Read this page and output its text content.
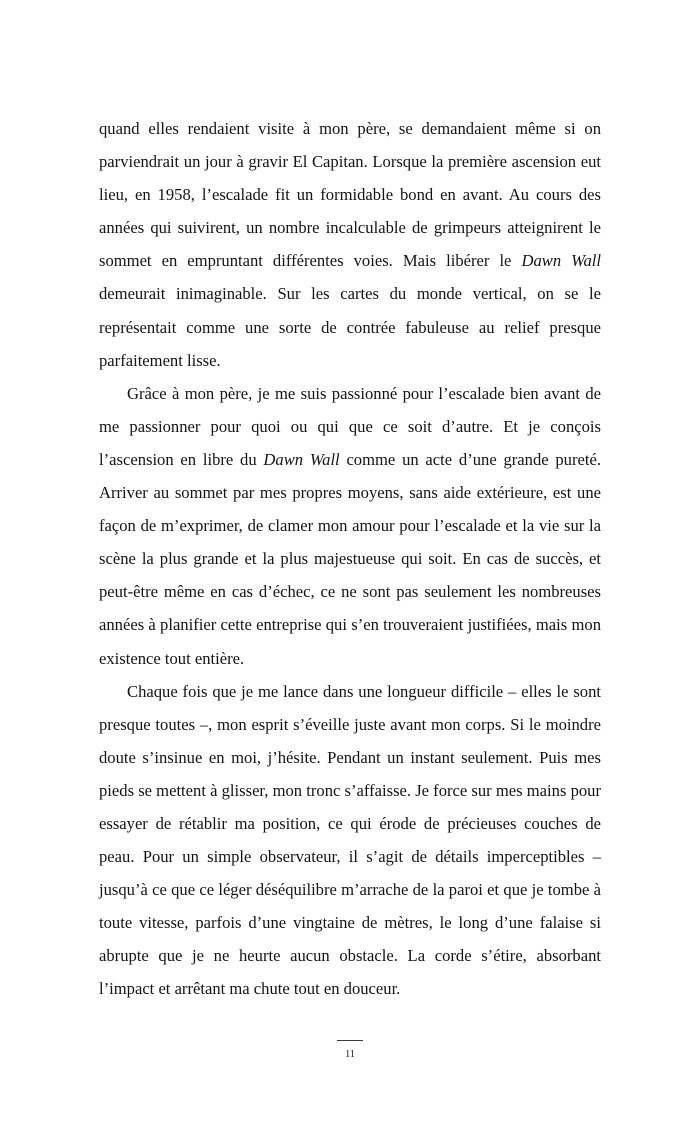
quand elles rendaient visite à mon père, se demandaient même si on parviendrait un jour à gravir El Capitan. Lorsque la première ascension eut lieu, en 1958, l’escalade fit un formidable bond en avant. Au cours des années qui suivirent, un nombre incalculable de grimpeurs atteignirent le sommet en empruntant différentes voies. Mais libérer le Dawn Wall demeurait inimaginable. Sur les cartes du monde vertical, on se le représentait comme une sorte de contrée fabuleuse au relief presque parfaitement lisse.

Grâce à mon père, je me suis passionné pour l’escalade bien avant de me passionner pour quoi ou qui que ce soit d’autre. Et je conçois l’ascension en libre du Dawn Wall comme un acte d’une grande pureté. Arriver au sommet par mes propres moyens, sans aide extérieure, est une façon de m’exprimer, de clamer mon amour pour l’escalade et la vie sur la scène la plus grande et la plus majestueuse qui soit. En cas de succès, et peut-être même en cas d’échec, ce ne sont pas seulement les nombreuses années à planifier cette entreprise qui s’en trouveraient justifiées, mais mon existence tout entière.

Chaque fois que je me lance dans une longueur difficile – elles le sont presque toutes –, mon esprit s’éveille juste avant mon corps. Si le moindre doute s’insinue en moi, j’hésite. Pendant un instant seulement. Puis mes pieds se mettent à glisser, mon tronc s’affaisse. Je force sur mes mains pour essayer de rétablir ma position, ce qui érode de précieuses couches de peau. Pour un simple observateur, il s’agit de détails imperceptibles – jusqu’à ce que ce léger déséquilibre m’arrache de la paroi et que je tombe à toute vitesse, parfois d’une vingtaine de mètres, le long d’une falaise si abrupte que je ne heurte aucun obstacle. La corde s’étire, absorbant l’impact et arrêtant ma chute tout en douceur.

11
